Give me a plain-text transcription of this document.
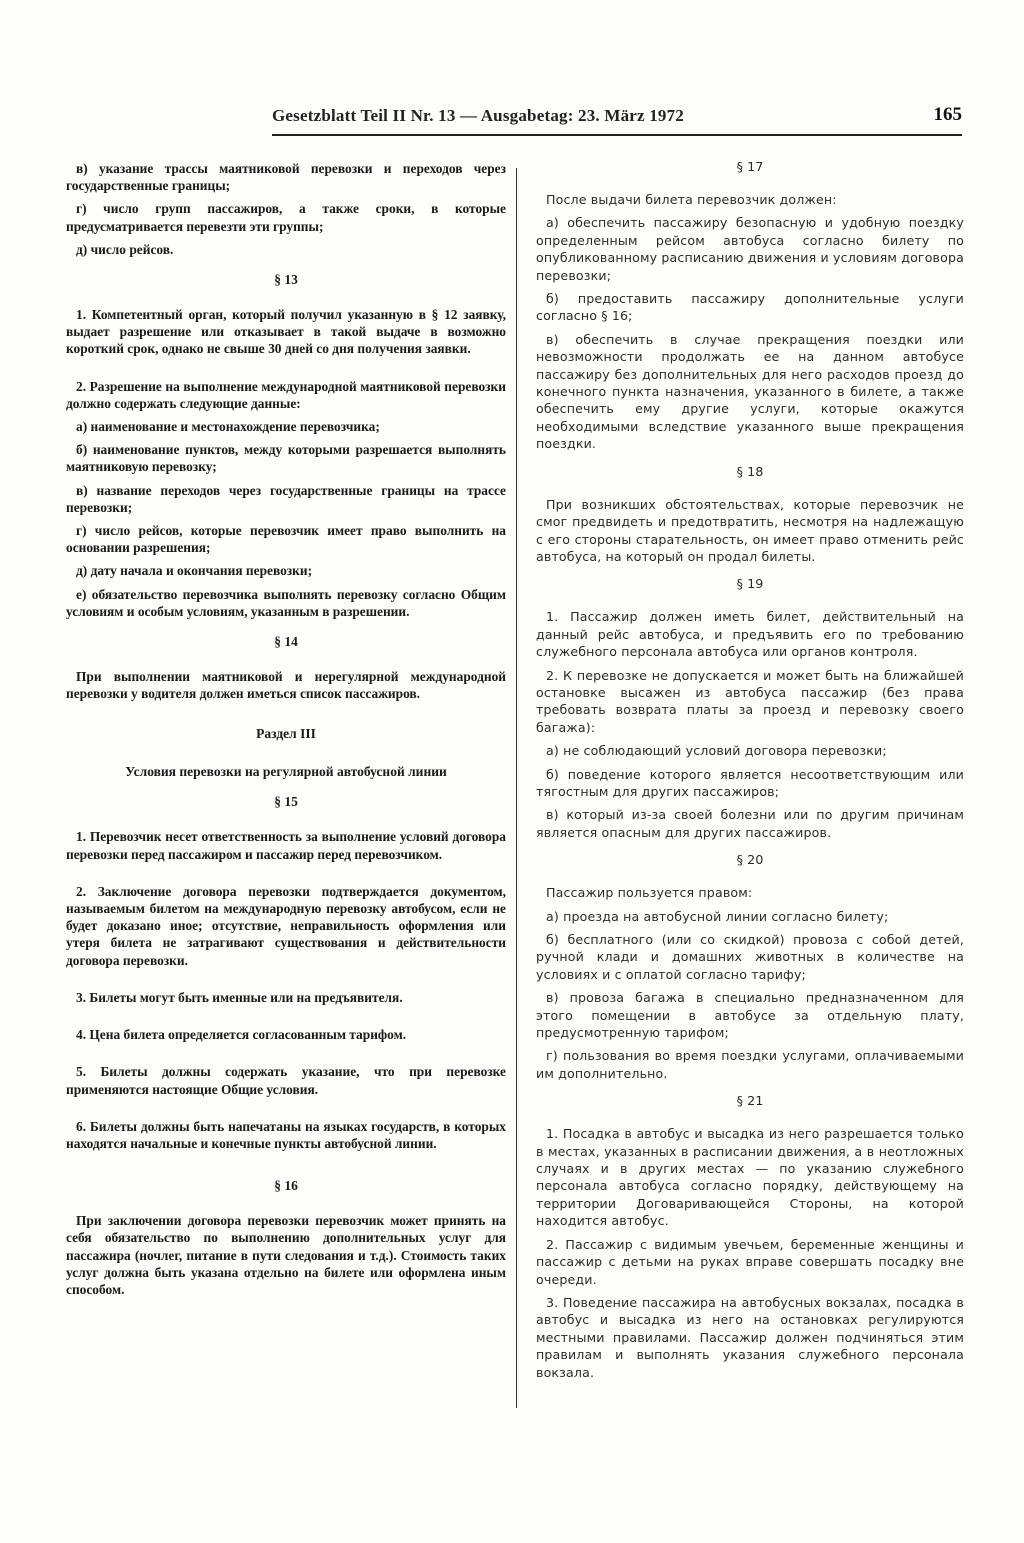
Gesetzblatt Teil II Nr. 13 — Ausgabetag: 23. März 1972	165

в) указание трассы маятниковой перевозки и переходов через государственные границы;

г) число групп пассажиров, а также сроки, в которые предусматривается перевезти эти группы;

д) число рейсов.

§ 13

1. Компетентный орган, который получил указанную в § 12 заявку, выдает разрешение или отказывает в такой выдаче в возможно короткий срок, однако не свыше 30 дней со дня получения заявки.

2. Разрешение на выполнение международной маятниковой перевозки должно содержать следующие данные:

а) наименование и местонахождение перевозчика;

б) наименование пунктов, между которыми разрешается выполнять маятниковую перевозку;

в) название переходов через государственные границы на трассе перевозки;

г) число рейсов, которые перевозчик имеет право выполнить на основании разрешения;

д) дату начала и окончания перевозки;

е) обязательство перевозчика выполнять перевозку согласно Общим условиям и особым условиям, указанным в разрешении.

§ 14

При выполнении маятниковой и нерегулярной международной перевозки у водителя должен иметься список пассажиров.

Раздел III
Условия перевозки на регулярной автобусной линии
§ 15

1. Перевозчик несет ответственность за выполнение условий договора перевозки перед пассажиром и пассажир перед перевозчиком.

2. Заключение договора перевозки подтверждается документом, называемым билетом на международную перевозку автобусом, если не будет доказано иное; отсутствие, неправильность оформления или утеря билета не затрагивают существования и действительности договора перевозки.

3. Билеты могут быть именные или на предъявителя.

4. Цена билета определяется согласованным тарифом.

5. Билеты должны содержать указание, что при перевозке применяются настоящие Общие условия.

6. Билеты должны быть напечатаны на языках государств, в которых находятся начальные и конечные пункты автобусной линии.

§ 16

При заключении договора перевозки перевозчик может принять на себя обязательство по выполнению дополнительных услуг для пассажира (ночлег, питание в пути следования и т.д.). Стоимость таких услуг должна быть указана отдельно на билете или оформлена иным способом.

§ 17

После выдачи билета перевозчик должен:

а) обеспечить пассажиру безопасную и удобную поездку определенным рейсом автобуса согласно билету по опубликованному расписанию движения и условиям договора перевозки;

б) предоставить пассажиру дополнительные услуги согласно § 16;

в) обеспечить в случае прекращения поездки или невозможности продолжать ее на данном автобусе пассажиру без дополнительных для него расходов проезд до конечного пункта назначения, указанного в билете, а также обеспечить ему другие услуги, которые окажутся необходимыми вследствие указанного выше прекращения поездки.

§ 18

При возникших обстоятельствах, которые перевозчик не смог предвидеть и предотвратить, несмотря на надлежащую с его стороны старательность, он имеет право отменить рейс автобуса, на который он продал билеты.

§ 19

1. Пассажир должен иметь билет, действительный на данный рейс автобуса, и предъявить его по требованию служебного персонала автобуса или органов контроля.

2. К перевозке не допускается и может быть на ближайшей остановке высажен из автобуса пассажир (без права требовать возврата платы за проезд и перевозку своего багажа):

а) не соблюдающий условий договора перевозки;

б) поведение которого является несоответствующим или тягостным для других пассажиров;

в) который из-за своей болезни или по другим причинам является опасным для других пассажиров.

§ 20

Пассажир пользуется правом:

а) проезда на автобусной линии согласно билету;

б) бесплатного (или со скидкой) провоза с собой детей, ручной клади и домашних животных в количестве на условиях и с оплатой согласно тарифу;

в) провоза багажа в специально предназначенном для этого помещении в автобусе за отдельную плату, предусмотренную тарифом;

г) пользования во время поездки услугами, оплачиваемыми им дополнительно.

§ 21

1. Посадка в автобус и высадка из него разрешается только в местах, указанных в расписании движения, а в неотложных случаях и в других местах — по указанию служебного персонала автобуса согласно порядку, действующему на территории Договаривающейся Стороны, на которой находится автобус.

2. Пассажир с видимым увечьем, беременные женщины и пассажир с детьми на руках вправе совершать посадку вне очереди.

3. Поведение пассажира на автобусных вокзалах, посадка в автобус и высадка из него на остановках регулируются местными правилами. Пассажир должен подчиняться этим правилам и выполнять указания служебного персонала вокзала.
